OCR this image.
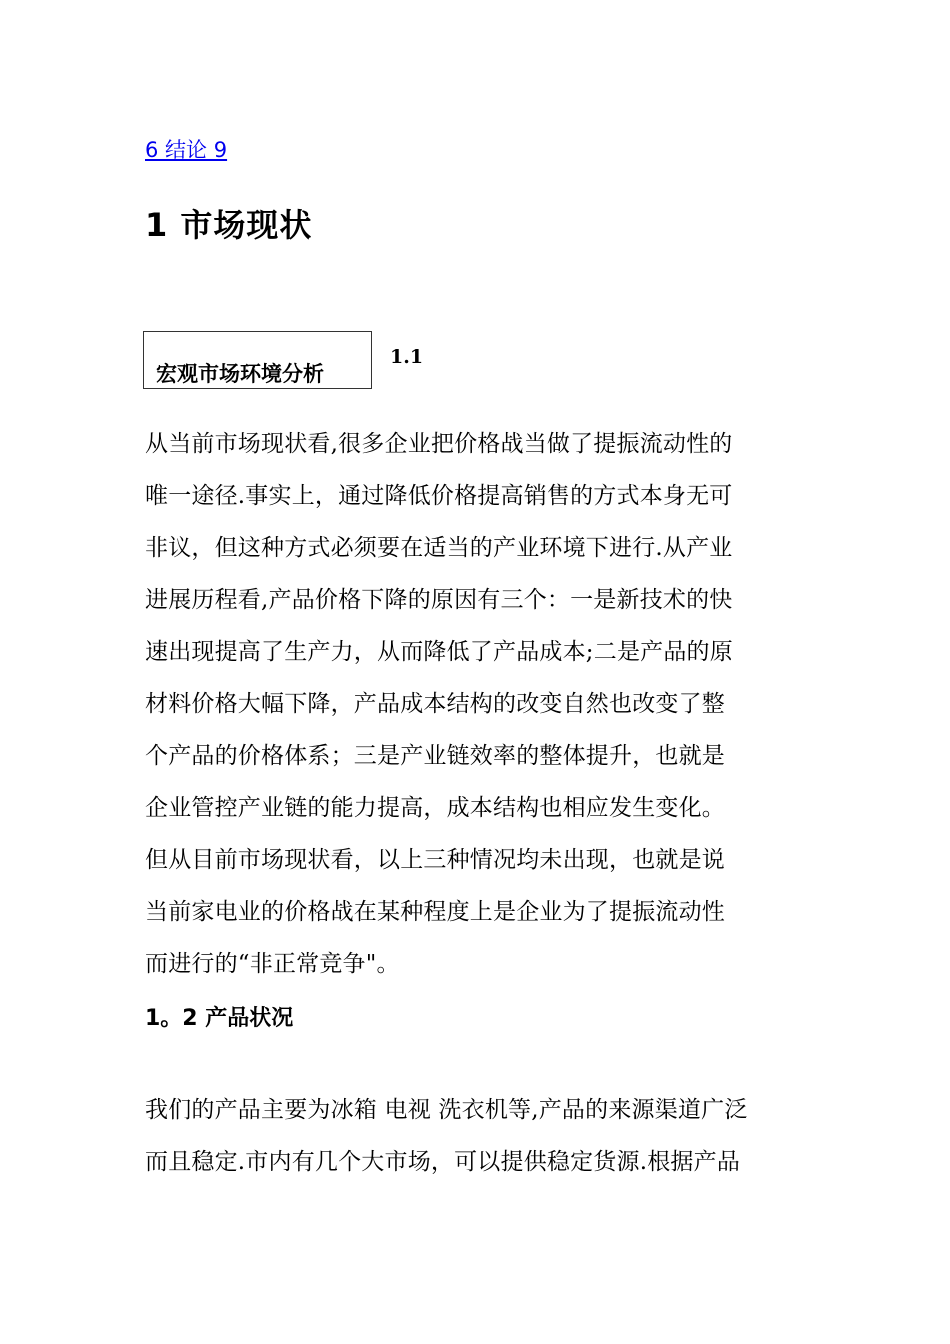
6 结论 9
1 市场现状
宏观市场环境分析
1.1
从当前市场现状看,很多企业把价格战当做了提振流动性的
唯一途径.事实上，通过降低价格提高销售的方式本身无可
非议，但这种方式必须要在适当的产业环境下进行.从产业
进展历程看,产品价格下降的原因有三个：一是新技术的快
速出现提高了生产力，从而降低了产品成本;二是产品的原
材料价格大幅下降，产品成本结构的改变自然也改变了整
个产品的价格体系；三是产业链效率的整体提升，也就是
企业管控产业链的能力提高，成本结构也相应发生变化。
但从目前市场现状看，以上三种情况均未出现，也就是说
当前家电业的价格战在某种程度上是企业为了提振流动性
而进行的“非正常竞争"。
1。2 产品状况
我们的产品主要为冰箱 电视 洗衣机等,产品的来源渠道广泛
而且稳定.市内有几个大市场，可以提供稳定货源.根据产品
